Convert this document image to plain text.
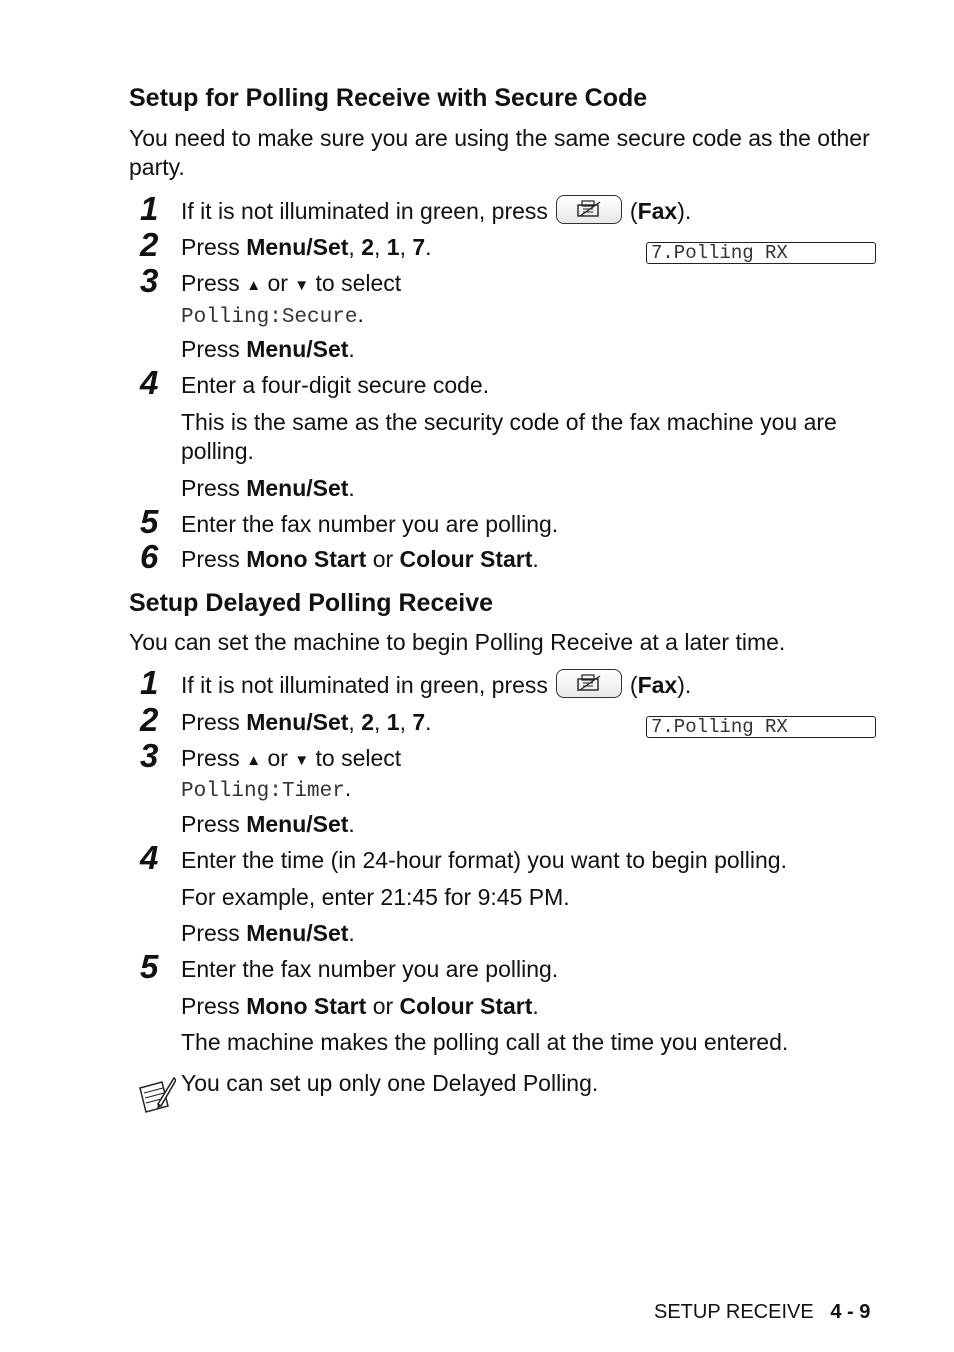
Setup for Polling Receive with Secure Code
You need to make sure you are using the same secure code as the other party.
1 If it is not illuminated in green, press	(Fax).
2 Press Menu/Set, 2, 1, 7.	7.Polling RX
3 Press ▲ or ▼ to select
Polling:Secure.
Press Menu/Set.
4 Enter a four-digit secure code.
This is the same as the security code of the fax machine you are polling.
Press Menu/Set.
5 Enter the fax number you are polling.
6 Press Mono Start or Colour Start.
Setup Delayed Polling Receive
You can set the machine to begin Polling Receive at a later time.
1 If it is not illuminated in green, press	(Fax).
2 Press Menu/Set, 2, 1, 7.	7.Polling RX
3 Press ▲ or ▼ to select
Polling:Timer.
Press Menu/Set.
4 Enter the time (in 24-hour format) you want to begin polling.
For example, enter 21:45 for 9:45 PM.
Press Menu/Set.
5 Enter the fax number you are polling.
Press Mono Start or Colour Start.
The machine makes the polling call at the time you entered.
You can set up only one Delayed Polling.
SETUP RECEIVE 4 - 9
